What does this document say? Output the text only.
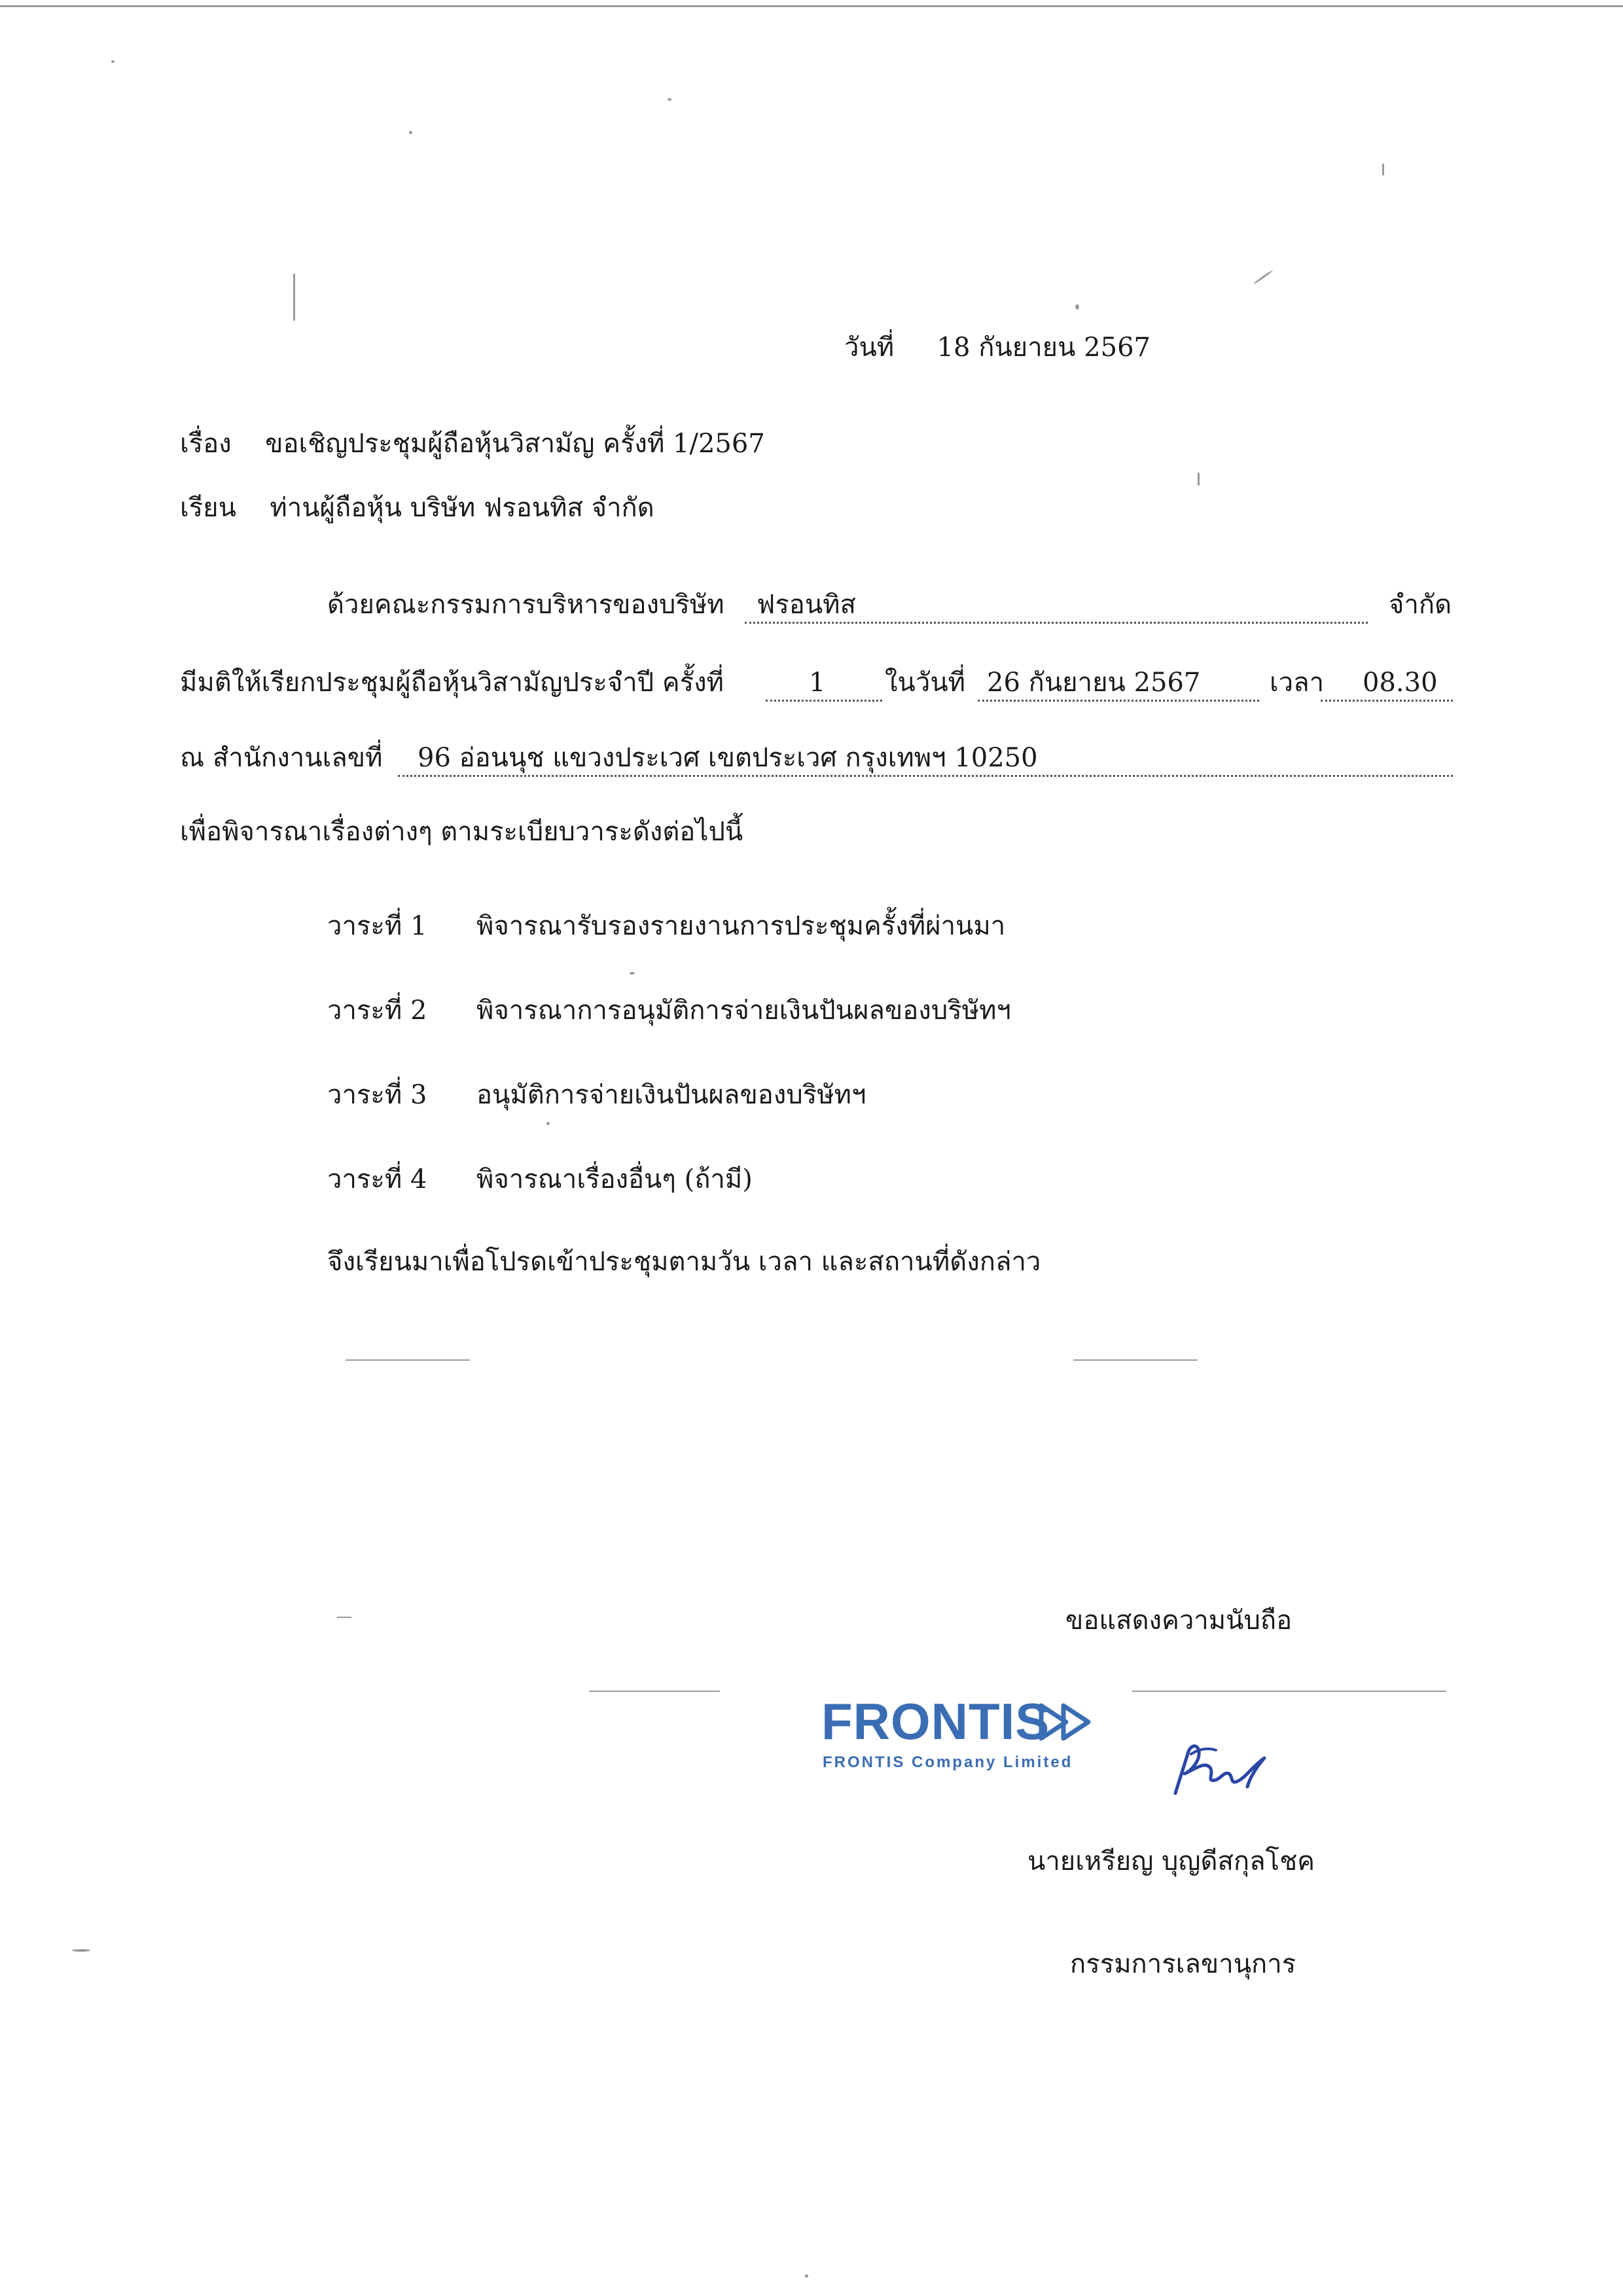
วันที่ 18 กันยายน 2567
เรื่อง ขอเชิญประชุมผู้ถือหุ้นวิสามัญ ครั้งที่ 1/2567
เรียน ท่านผู้ถือหุ้น บริษัท ฟรอนทิส จำกัด
ด้วยคณะกรรมการบริหารของบริษัท ฟรอนทิส	จำกัด
มีมติให้เรียกประชุมผู้ถือหุ้นวิสามัญประจำปี ครั้งที่	1	ในวันที่ 26 กันยายน 2567	เวลา 08.30
ณ สำนักงานเลขที่ 96 อ่อนนุช แขวงประเวศ เขตประเวศ กรุงเทพฯ 10250
เพื่อพิจารณาเรื่องต่างๆ ตามระเบียบวาระดังต่อไปนี้
วาระที่ 1 พิจารณารับรองรายงานการประชุมครั้งที่ผ่านมา
วาระที่ 2 พิจารณาการอนุมัติการจ่ายเงินปันผลของบริษัทฯ
วาระที่ 3 อนุมัติการจ่ายเงินปันผลของบริษัทฯ
วาระที่ 4 พิจารณาเรื่องอื่นๆ (ถ้ามี)
จึงเรียนมาเพื่อโปรดเข้าประชุมตามวัน เวลา และสถานที่ดังกล่าว
ขอแสดงความนับถือ
FRONTIS
FRONTIS Company Limited
นายเหรียญ บุญดีสกุลโชค
กรรมการเลขานุการ
